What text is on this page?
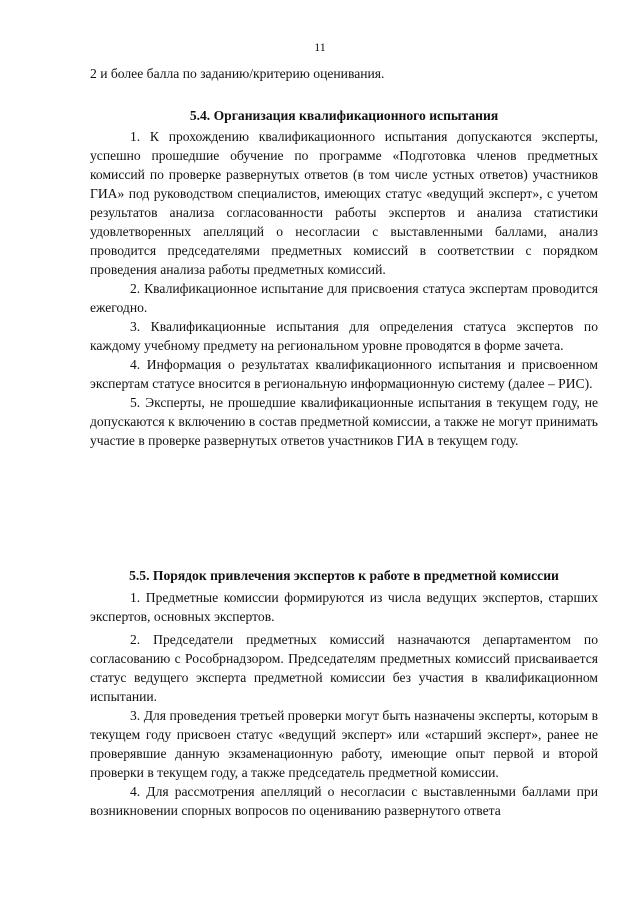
11

2 и более балла по заданию/критерию оценивания.

5.4. Организация квалификационного испытания

1. К прохождению квалификационного испытания допускаются эксперты, успешно прошедшие обучение по программе «Подготовка членов предметных комиссий по проверке развернутых ответов (в том числе устных ответов) участников ГИА» под руководством специалистов, имеющих статус «ведущий эксперт», с учетом результатов анализа согласованности работы экспертов и анализа статистики удовлетворенных апелляций о несогласии с выставленными баллами, анализ проводится председателями предметных комиссий в соответствии с порядком проведения анализа работы предметных комиссий.

2. Квалификационное испытание для присвоения статуса экспертам проводится ежегодно.

3. Квалификационные испытания для определения статуса экспертов по каждому учебному предмету на региональном уровне проводятся в форме зачета.

4. Информация о результатах квалификационного испытания и присвоенном экспертам статусе вносится в региональную информационную систему (далее – РИС).

5. Эксперты, не прошедшие квалификационные испытания в текущем году, не допускаются к включению в состав предметной комиссии, а также не могут принимать участие в проверке развернутых ответов участников ГИА в текущем году.

5.5. Порядок привлечения экспертов к работе в предметной комиссии

1. Предметные комиссии формируются из числа ведущих экспертов, старших экспертов, основных экспертов.

2. Председатели предметных комиссий назначаются департаментом по согласованию с Рособрнадзором. Председателям предметных комиссий присваивается статус ведущего эксперта предметной комиссии без участия в квалификационном испытании.

3. Для проведения третьей проверки могут быть назначены эксперты, которым в текущем году присвоен статус «ведущий эксперт» или «старший эксперт», ранее не проверявшие данную экзаменационную работу, имеющие опыт первой и второй проверки в текущем году, а также председатель предметной комиссии.

4. Для рассмотрения апелляций о несогласии с выставленными баллами при возникновении спорных вопросов по оцениванию развернутого ответа
